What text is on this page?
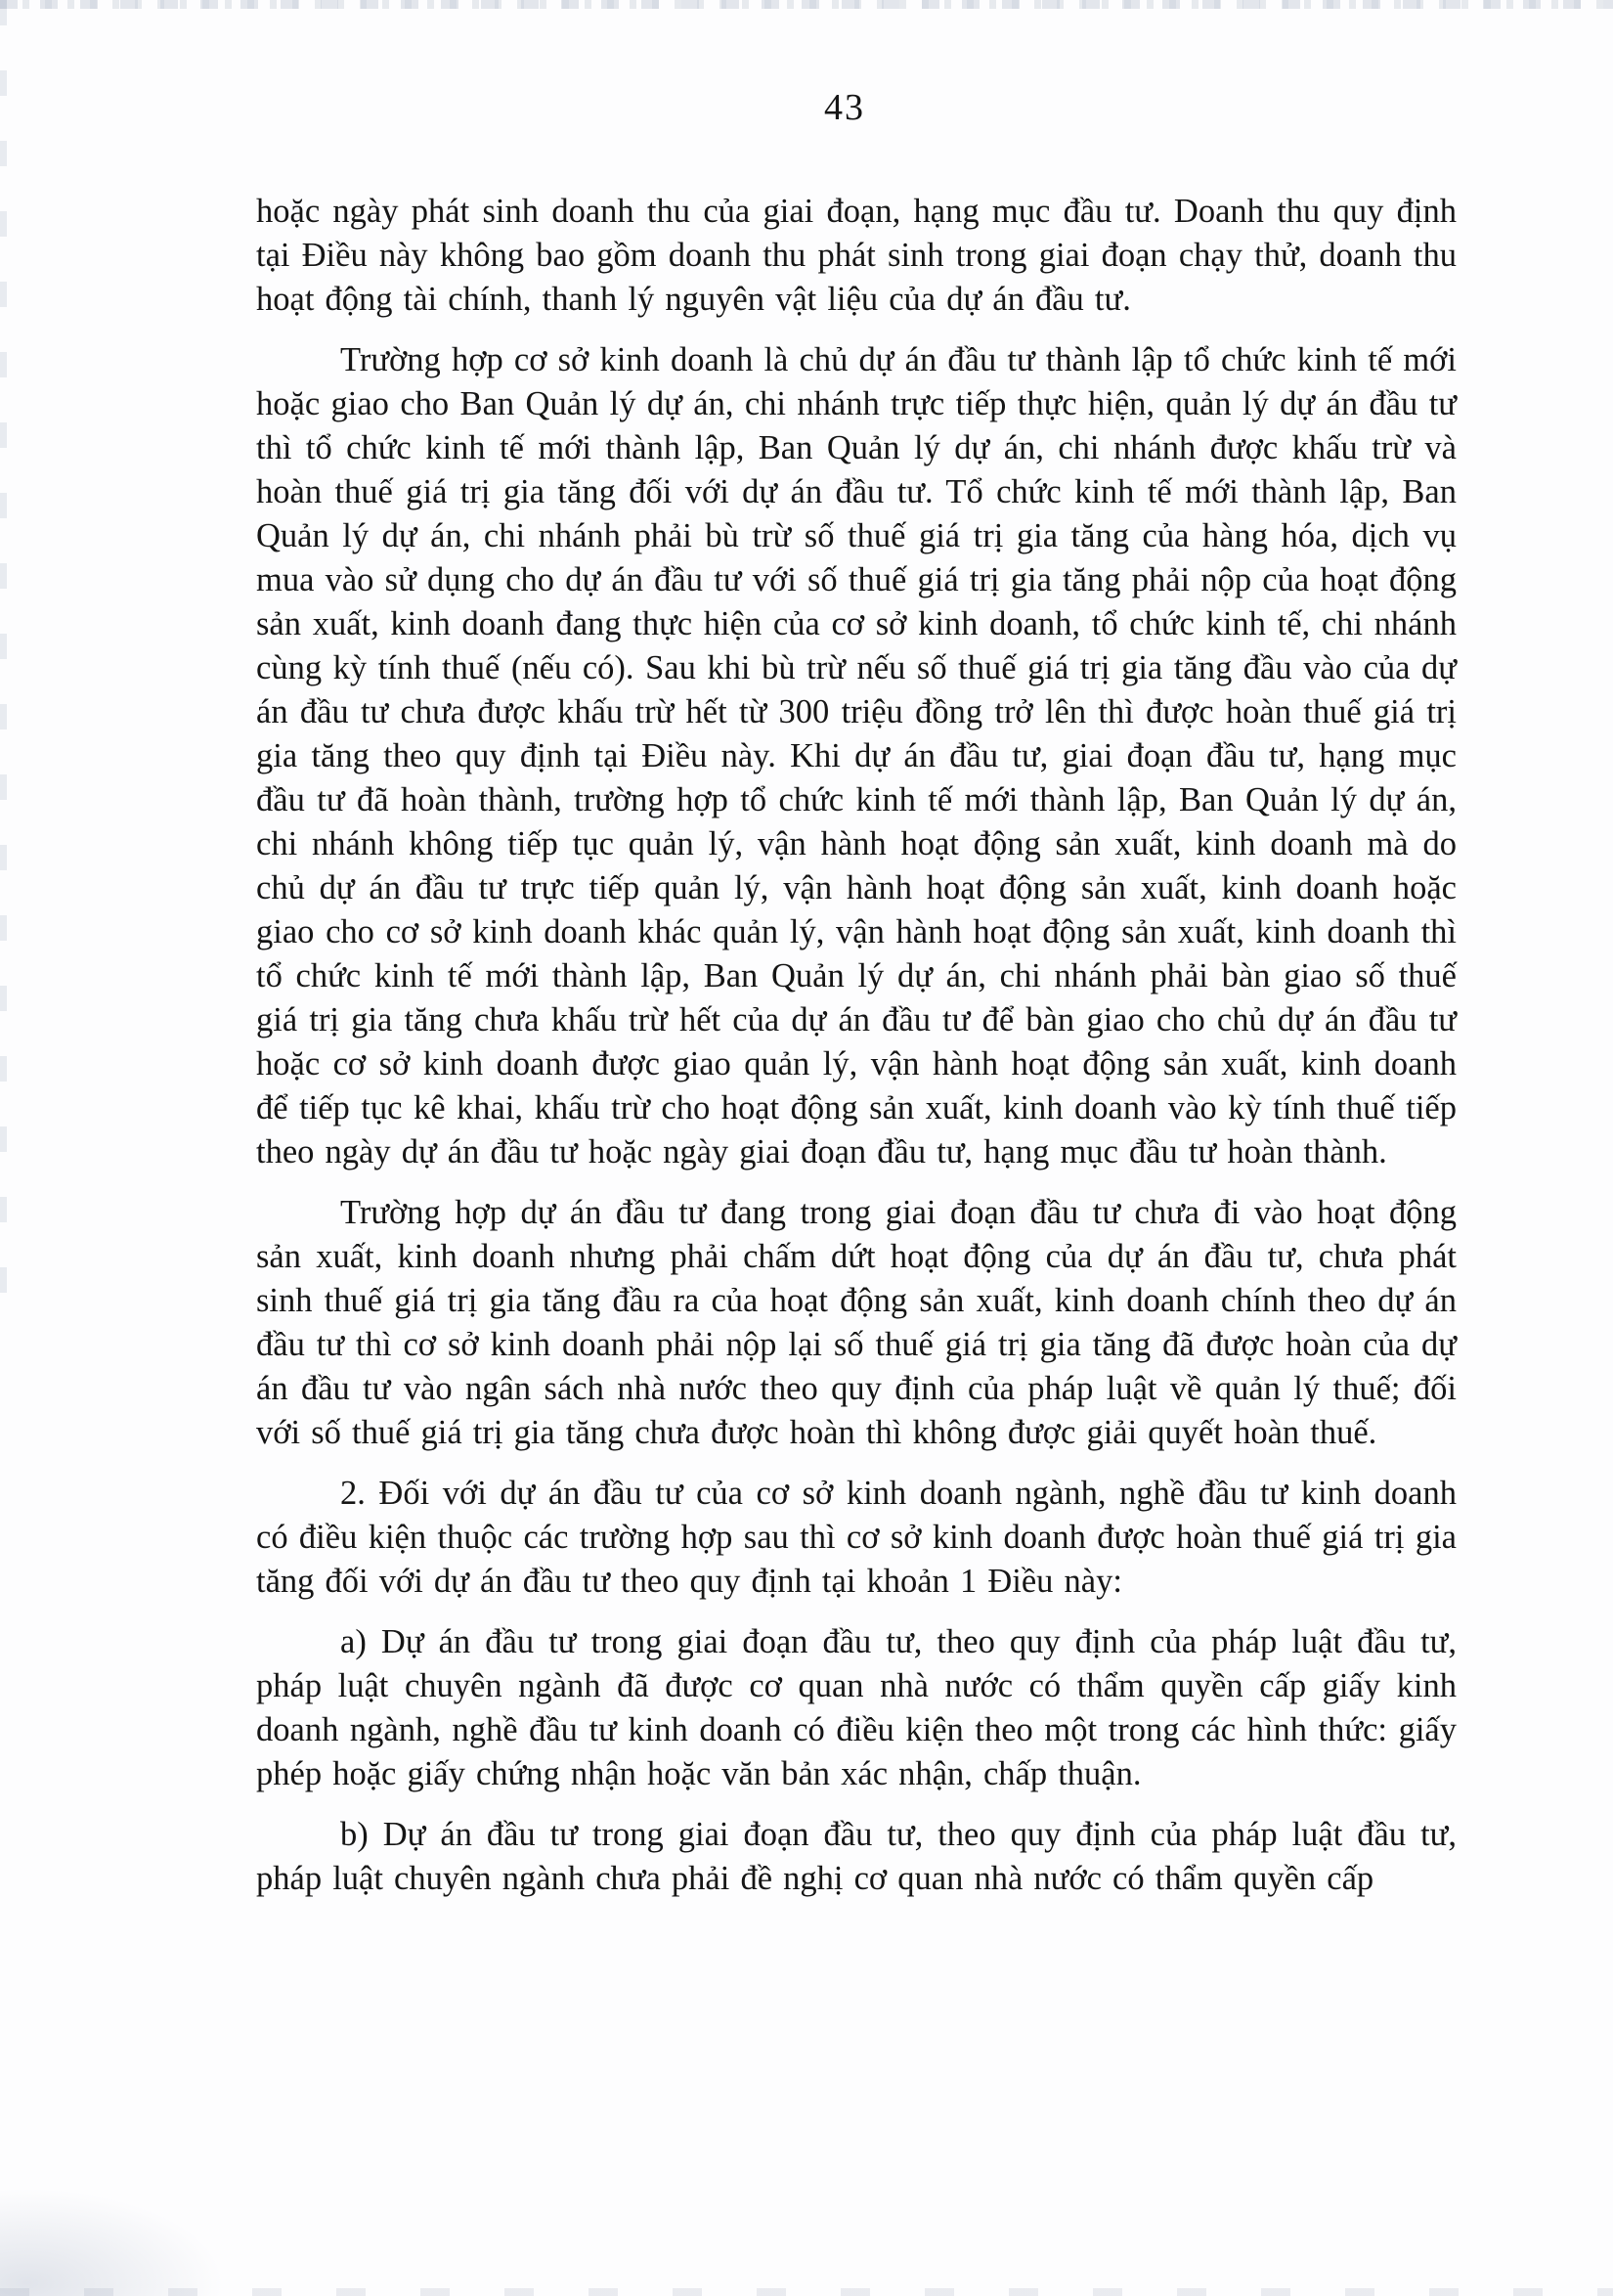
43

hoặc ngày phát sinh doanh thu của giai đoạn, hạng mục đầu tư. Doanh thu quy định tại Điều này không bao gồm doanh thu phát sinh trong giai đoạn chạy thử, doanh thu hoạt động tài chính, thanh lý nguyên vật liệu của dự án đầu tư.

Trường hợp cơ sở kinh doanh là chủ dự án đầu tư thành lập tổ chức kinh tế mới hoặc giao cho Ban Quản lý dự án, chi nhánh trực tiếp thực hiện, quản lý dự án đầu tư thì tổ chức kinh tế mới thành lập, Ban Quản lý dự án, chi nhánh được khấu trừ và hoàn thuế giá trị gia tăng đối với dự án đầu tư. Tổ chức kinh tế mới thành lập, Ban Quản lý dự án, chi nhánh phải bù trừ số thuế giá trị gia tăng của hàng hóa, dịch vụ mua vào sử dụng cho dự án đầu tư với số thuế giá trị gia tăng phải nộp của hoạt động sản xuất, kinh doanh đang thực hiện của cơ sở kinh doanh, tổ chức kinh tế, chi nhánh cùng kỳ tính thuế (nếu có). Sau khi bù trừ nếu số thuế giá trị gia tăng đầu vào của dự án đầu tư chưa được khấu trừ hết từ 300 triệu đồng trở lên thì được hoàn thuế giá trị gia tăng theo quy định tại Điều này. Khi dự án đầu tư, giai đoạn đầu tư, hạng mục đầu tư đã hoàn thành, trường hợp tổ chức kinh tế mới thành lập, Ban Quản lý dự án, chi nhánh không tiếp tục quản lý, vận hành hoạt động sản xuất, kinh doanh mà do chủ dự án đầu tư trực tiếp quản lý, vận hành hoạt động sản xuất, kinh doanh hoặc giao cho cơ sở kinh doanh khác quản lý, vận hành hoạt động sản xuất, kinh doanh thì tổ chức kinh tế mới thành lập, Ban Quản lý dự án, chi nhánh phải bàn giao số thuế giá trị gia tăng chưa khấu trừ hết của dự án đầu tư để bàn giao cho chủ dự án đầu tư hoặc cơ sở kinh doanh được giao quản lý, vận hành hoạt động sản xuất, kinh doanh để tiếp tục kê khai, khấu trừ cho hoạt động sản xuất, kinh doanh vào kỳ tính thuế tiếp theo ngày dự án đầu tư hoặc ngày giai đoạn đầu tư, hạng mục đầu tư hoàn thành.

Trường hợp dự án đầu tư đang trong giai đoạn đầu tư chưa đi vào hoạt động sản xuất, kinh doanh nhưng phải chấm dứt hoạt động của dự án đầu tư, chưa phát sinh thuế giá trị gia tăng đầu ra của hoạt động sản xuất, kinh doanh chính theo dự án đầu tư thì cơ sở kinh doanh phải nộp lại số thuế giá trị gia tăng đã được hoàn của dự án đầu tư vào ngân sách nhà nước theo quy định của pháp luật về quản lý thuế; đối với số thuế giá trị gia tăng chưa được hoàn thì không được giải quyết hoàn thuế.

2. Đối với dự án đầu tư của cơ sở kinh doanh ngành, nghề đầu tư kinh doanh có điều kiện thuộc các trường hợp sau thì cơ sở kinh doanh được hoàn thuế giá trị gia tăng đối với dự án đầu tư theo quy định tại khoản 1 Điều này:

a) Dự án đầu tư trong giai đoạn đầu tư, theo quy định của pháp luật đầu tư, pháp luật chuyên ngành đã được cơ quan nhà nước có thẩm quyền cấp giấy kinh doanh ngành, nghề đầu tư kinh doanh có điều kiện theo một trong các hình thức: giấy phép hoặc giấy chứng nhận hoặc văn bản xác nhận, chấp thuận.

b) Dự án đầu tư trong giai đoạn đầu tư, theo quy định của pháp luật đầu tư, pháp luật chuyên ngành chưa phải đề nghị cơ quan nhà nước có thẩm quyền cấp
